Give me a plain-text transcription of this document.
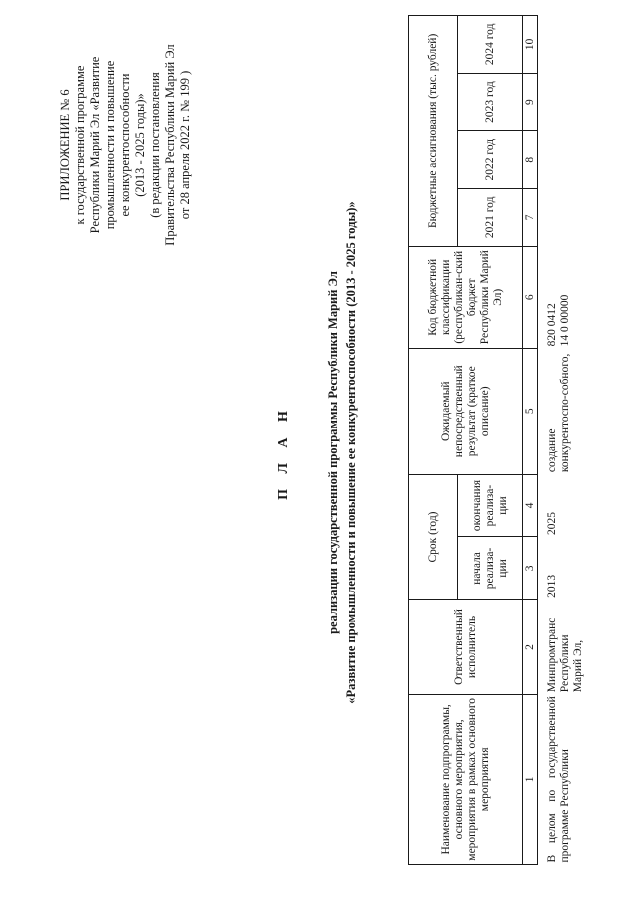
ПРИЛОЖЕНИЕ № 6 к государственной программе Республики Марий Эл «Развитие промышленности и повышение ее конкурентоспособности (2013 - 2025 годы)» (в редакции постановления Правительства Республики Марий Эл от 28 апреля 2022 г. № 199 )
П Л А Н	реализации государственной программы Республики Марий Эл «Развитие промышленности и повышение ее конкурентоспособности (2013 - 2025 годы)»
Наименование подпрограммы, основного мероприятия, мероприятия в рамках основного мероприятия	Ответственный исполнитель	Срок (год)		Ожидаемый непосредственный результат (краткое описание)	Код бюджетной классификации (республикан-ский бюджет Республики Марий Эл)	Бюджетные ассигнования (тыс. рублей)			
		начала реализа-ции	окончания реализа-ции			2021 год	2022 год	2023 год	2024 год
1	2	3	4	5	6	7	8	9	10
В целом по государственной программе Республики	Минпромтранс Республики Марий Эл,	2013	2025	создание конкурентоспо-собного,	820 0412 14 0 00000				
